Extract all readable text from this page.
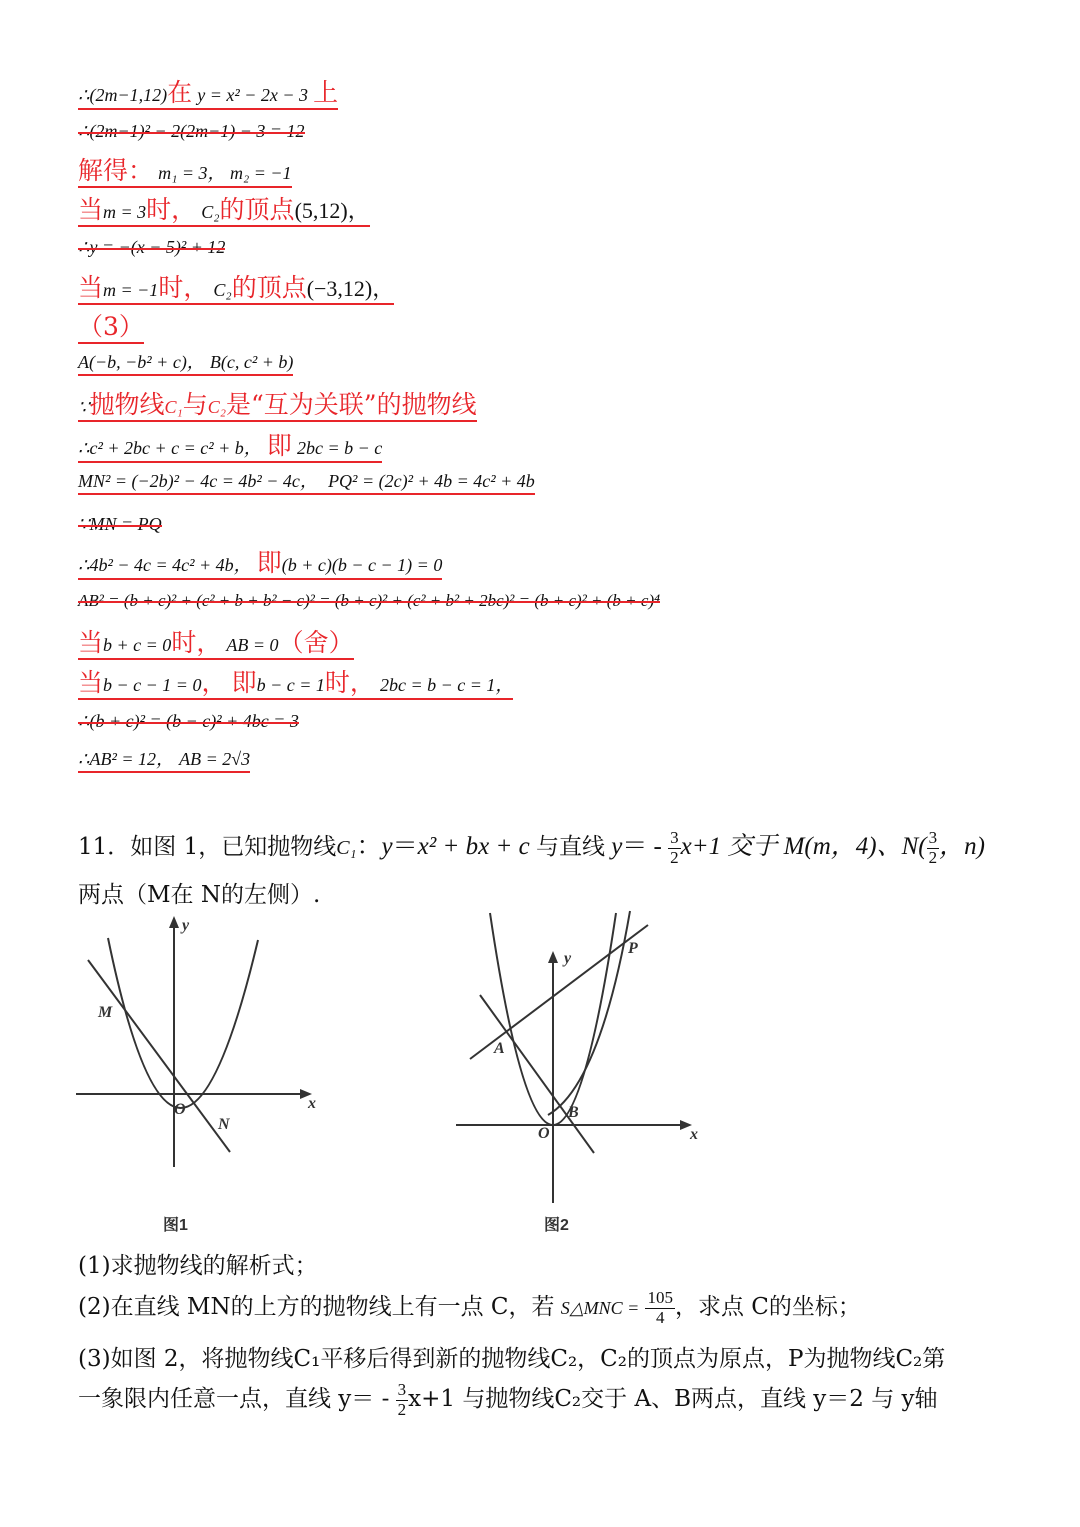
∴(2m−1,12)在 y = x² − 2x − 3 上
∴(2m−1)² − 2(2m−1) − 3 = 12
解得： m₁ = 3， m₂ = −1
当m = 3时， C₂的顶点(5,12)，
∴y = −(x − 5)² + 12
当m = −1时， C₂的顶点(−3,12)，
（3）
A(−b, −b² + c)， B(c, c² + b)
∵抛物线C₁与C₂是“互为关联”的抛物线
∴c² + 2bc + c = c² + b， 即 2bc = b − c
MN² = (−2b)² − 4c = 4b² − 4c， PQ² = (2c)² + 4b = 4c² + 4b
∵MN = PQ
∴4b² − 4c = 4c² + 4b， 即(b + c)(b − c − 1) = 0
AB² = (b + c)² + (c² + b + b² − c)² = (b + c)² + (c² + b² + 2bc)² = (b + c)² + (b + c)⁴
当b + c = 0时， AB = 0（舍）
当b − c − 1 = 0， 即b − c = 1时， 2bc = b − c = 1，
∴(b + c)² = (b − c)² + 4bc = 3
∴AB² = 12， AB = 2√3
11．如图 1，已知抛物线C₁：y＝x² + bx + c 与直线 $y= - \frac{3}{2} x+1$ 交于 M(m，4)、$N( \frac{3}{2}$ ，n)
两点（M在 N的左侧）.
y
x
O
M
N
图1
y
x
O
A
B
P
图2
(1)求抛物线的解析式；
(2)在直线 MN的上方的抛物线上有一点 C，若 S△MNC = $\frac{105}{4}$ ，求点 C的坐标；
(3)如图 2，将抛物线C₁平移后得到新的抛物线C₂，C₂的顶点为原点，P为抛物线C₂第
一象限内任意一点，直线 $y= - \frac{3}{2} x+1$ 与抛物线C₂交于 A、B两点，直线 y＝2 与 y轴
